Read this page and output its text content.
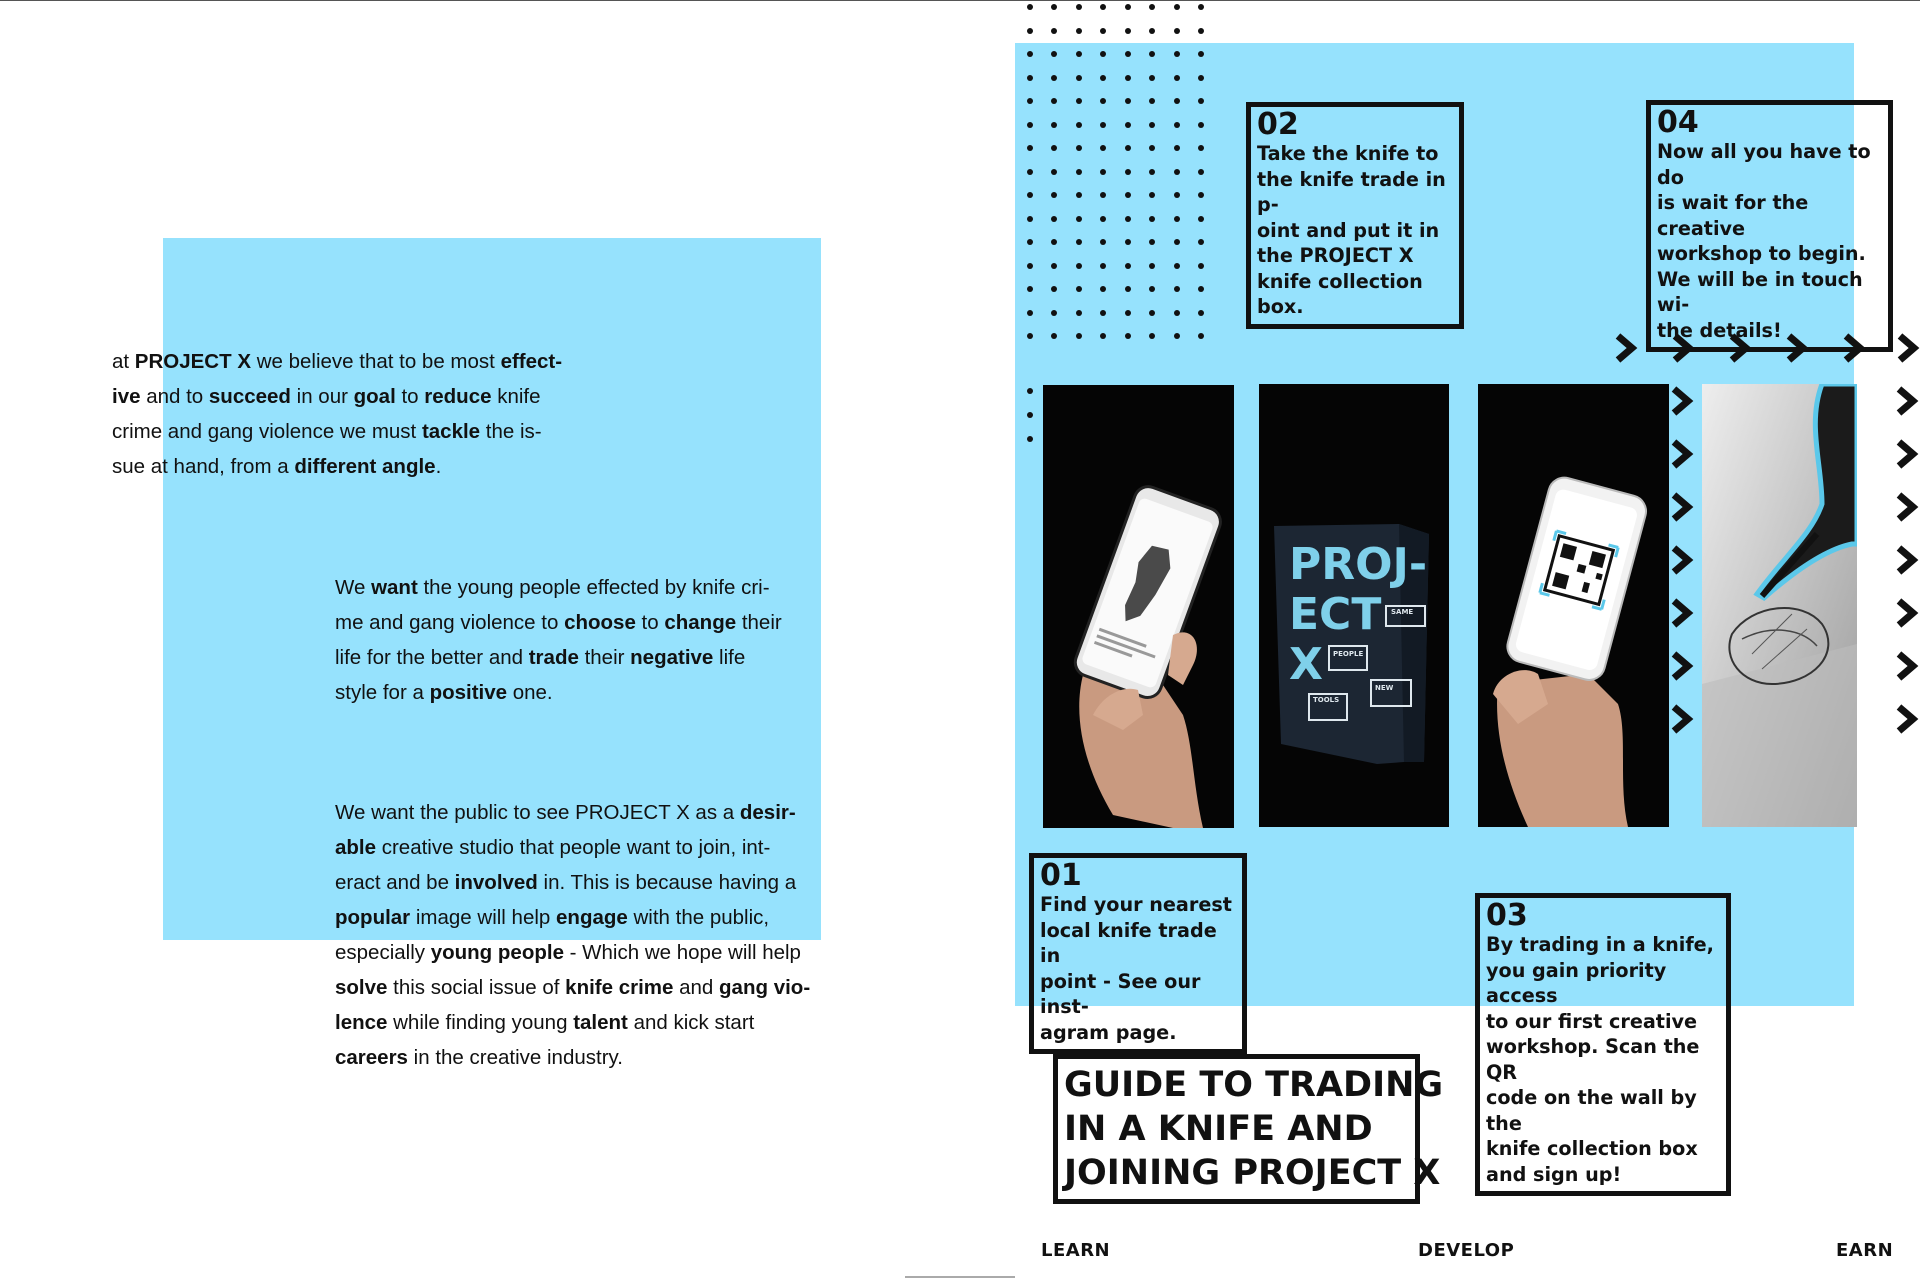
at PROJECT X we believe that to be most effect-
ive and to succeed in our goal to reduce knife
crime and gang violence we must tackle the is-
sue at hand, from a different angle.

We want the young people effected by knife cri-
me and gang violence to choose to change their
life for the better and trade their negative life
style for a positive one.

We want the public to see PROJECT X as a desir-
able creative studio that people want to join, int-
eract and be involved in. This is because having a
popular image will help engage with the public,
especially young people - Which we hope will help
solve this social issue of knife crime and gang vio-
lence while finding young talent and kick start
careers in the creative industry.

PROJ-
ECT
X
SAME
PEOPLE
TOOLS
NEW
02
Take the knife to
the knife trade in p-
oint and put it in
the PROJECT X
knife collection box.
04
Now all you have to do
is wait for the creative
workshop to begin.
We will be in touch wi-
the details!
01
Find your nearest
local knife trade in
point - See our inst-
agram page.
03
By trading in a knife,
you gain priority access
to our first creative
workshop. Scan the QR
code on the wall by the
knife collection box
and sign up!
GUIDE TO TRADING
IN A KNIFE AND
JOINING PROJECT X
LEARN	DEVELOP	EARN
